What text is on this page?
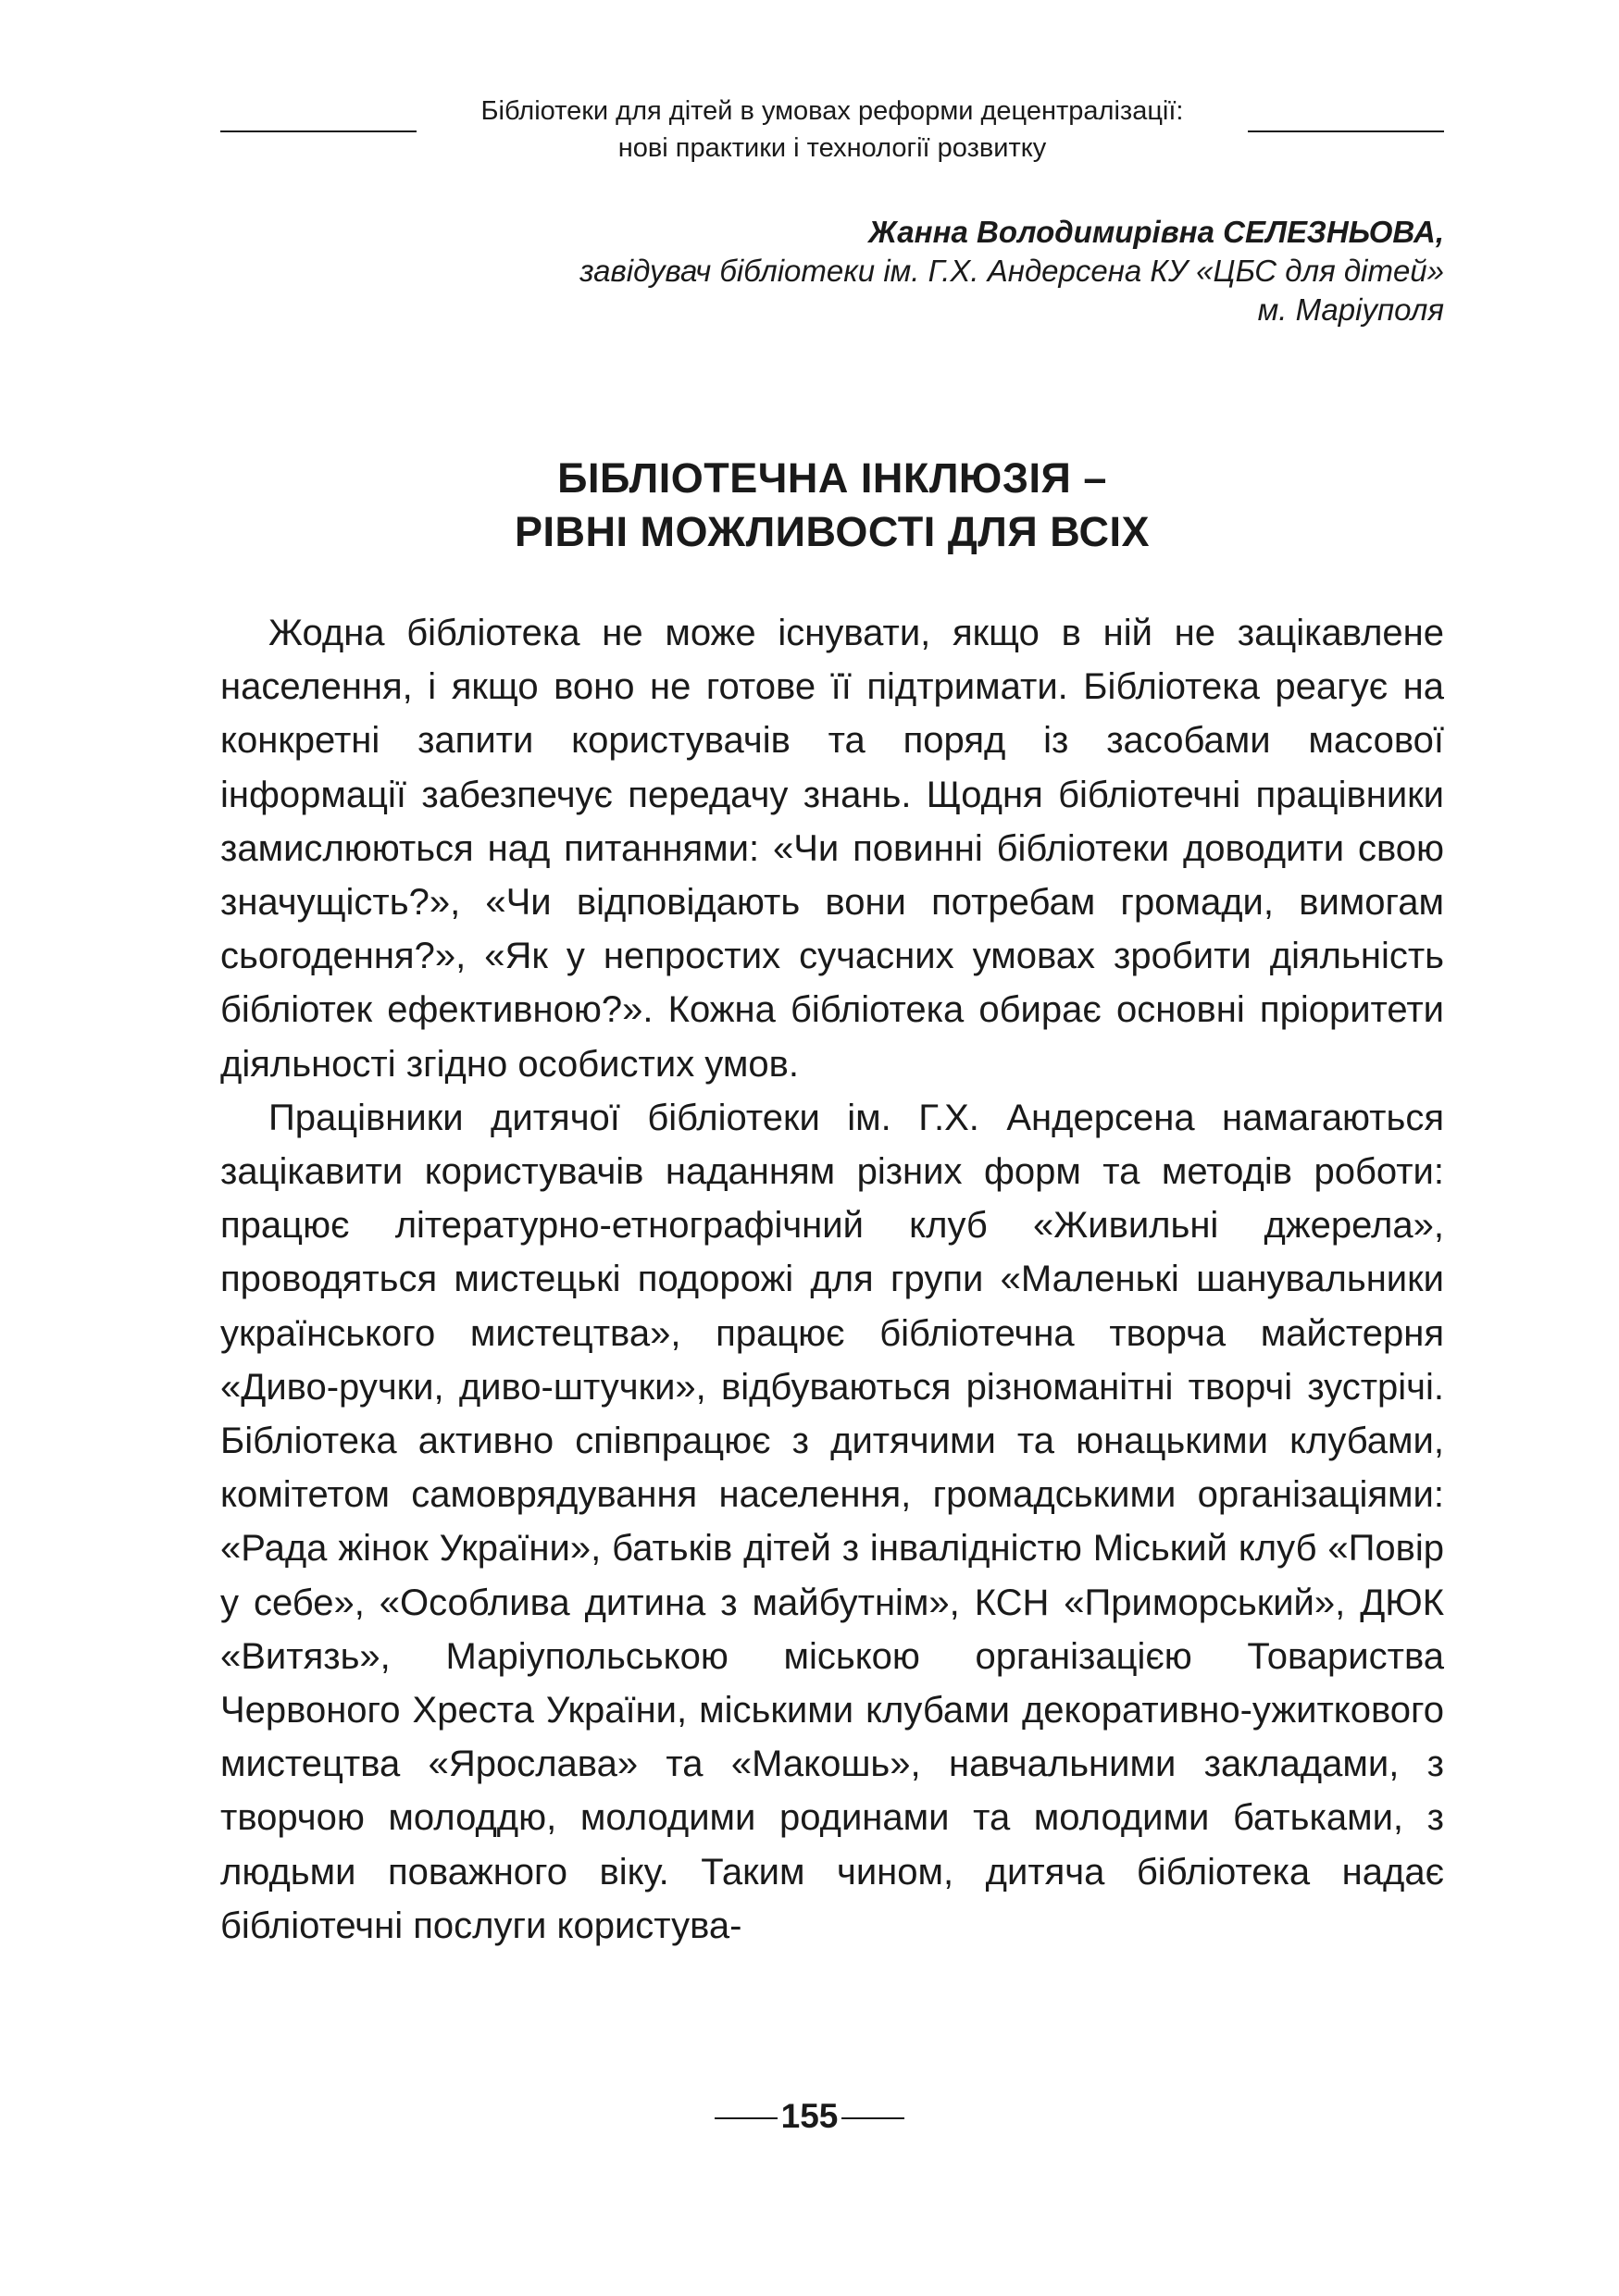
Бібліотеки для дітей в умовах реформи децентралізації:
нові практики і технології розвитку
Жанна Володимирівна СЕЛЕЗНЬОВА,
завідувач бібліотеки ім. Г.Х. Андерсена КУ «ЦБС для дітей»
м. Маріуполя
БІБЛІОТЕЧНА ІНКЛЮЗІЯ –
РІВНІ МОЖЛИВОСТІ ДЛЯ ВСІХ

Жодна бібліотека не може існувати, якщо в ній не зацікавлене населення, і якщо воно не готове її підтримати. Бібліотека реагує на конкретні запити користувачів та поряд із засобами масової інформації забезпечує передачу знань. Щодня бібліотечні працівники замислюються над питаннями: «Чи повинні бібліотеки доводити свою значущість?», «Чи відповідають вони потребам громади, вимогам сьогодення?», «Як у непростих сучасних умовах зробити діяльність бібліотек ефективною?». Кожна бібліотека обирає основні пріоритети діяльності згідно особистих умов.

Працівники дитячої бібліотеки ім. Г.Х. Андерсена намагаються зацікавити користувачів наданням різних форм та методів роботи: працює літературно-етнографічний клуб «Живильні джерела», проводяться мистецькі подорожі для групи «Маленькі шанувальники українського мистецтва», працює бібліотечна творча майстерня «Диво-ручки, диво-штучки», відбуваються різноманітні творчі зустрічі. Бібліотека активно співпрацює з дитячими та юнацькими клубами, комітетом самоврядування населення, громадськими організаціями: «Рада жінок України», батьків дітей з інвалідністю Міський клуб «Повір у себе», «Особлива дитина з майбутнім», КСН «Приморський», ДЮК «Витязь», Маріупольською міською організацією Товариства Червоного Хреста України, міськими клубами декоративно-ужиткового мистецтва «Ярослава» та «Макошь», навчальними закладами, з творчою молоддю, молодими родинами та молодими батьками, з людьми поважного віку. Таким чином, дитяча бібліотека надає бібліотечні послуги користува-

155
